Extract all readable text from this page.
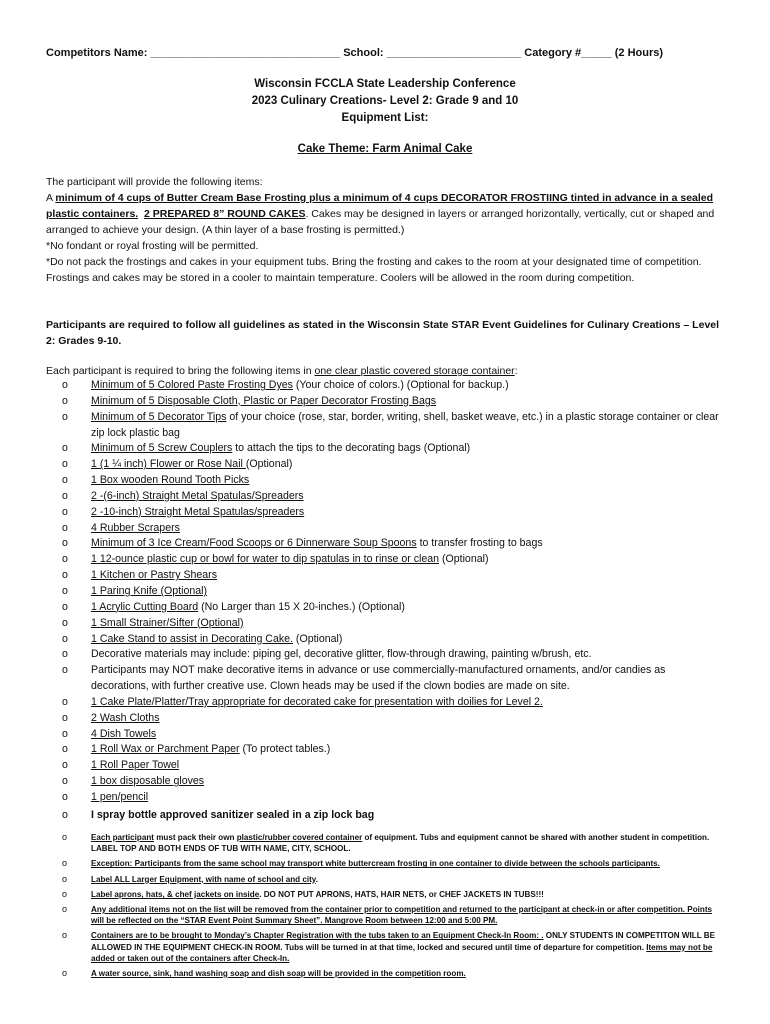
Competitors Name: _______________________________ School: ______________________ Category #_____ (2 Hours)
Wisconsin FCCLA State Leadership Conference
2023 Culinary Creations- Level 2: Grade 9 and 10
Equipment List:
Cake Theme: Farm Animal Cake
The participant will provide the following items:
A minimum of 4 cups of Butter Cream Base Frosting plus a minimum of 4 cups DECORATOR FROSTIING tinted in advance in a sealed plastic containers. 2 PREPARED 8” ROUND CAKES. Cakes may be designed in layers or arranged horizontally, vertically, cut or shaped and arranged to achieve your design. (A thin layer of a base frosting is permitted.)
*No fondant or royal frosting will be permitted.
*Do not pack the frostings and cakes in your equipment tubs. Bring the frosting and cakes to the room at your designated time of competition. Frostings and cakes may be stored in a cooler to maintain temperature. Coolers will be allowed in the room during competition.
Participants are required to follow all guidelines as stated in the Wisconsin State STAR Event Guidelines for Culinary Creations – Level 2: Grades 9-10.
Each participant is required to bring the following items in one clear plastic covered storage container:
o Minimum of 5 Colored Paste Frosting Dyes (Your choice of colors.) (Optional for backup.)
o Minimum of 5 Disposable Cloth, Plastic or Paper Decorator Frosting Bags
o Minimum of 5 Decorator Tips of your choice (rose, star, border, writing, shell, basket weave, etc.) in a plastic storage container or clear zip lock plastic bag
o Minimum of 5 Screw Couplers to attach the tips to the decorating bags (Optional)
o 1 (1 ¼ inch) Flower or Rose Nail (Optional)
o 1 Box wooden Round Tooth Picks
o 2 -(6-inch) Straight Metal Spatulas/Spreaders
o 2 -10-inch) Straight Metal Spatulas/spreaders
o 4 Rubber Scrapers
o Minimum of 3 Ice Cream/Food Scoops or 6 Dinnerware Soup Spoons to transfer frosting to bags
o 1 12-ounce plastic cup or bowl for water to dip spatulas in to rinse or clean (Optional)
o 1 Kitchen or Pastry Shears
o 1 Paring Knife (Optional)
o 1 Acrylic Cutting Board (No Larger than 15 X 20-inches.) (Optional)
o 1 Small Strainer/Sifter (Optional)
o 1 Cake Stand to assist in Decorating Cake. (Optional)
o Decorative materials may include: piping gel, decorative glitter, flow-through drawing, painting w/brush, etc.
o Participants may NOT make decorative items in advance or use commercially-manufactured ornaments, and/or candies as decorations, with further creative use. Clown heads may be used if the clown bodies are made on site.
o 1 Cake Plate/Platter/Tray appropriate for decorated cake for presentation with doilies for Level 2.
o 2 Wash Cloths
o 4 Dish Towels
o 1 Roll Wax or Parchment Paper (To protect tables.)
o 1 Roll Paper Towel
o 1 box disposable gloves
o 1 pen/pencil
o I spray bottle approved sanitizer sealed in a zip lock bag
o	Each participant must pack their own plastic/rubber covered container of equipment. Tubs and equipment cannot be shared with another student in competition. LABEL TOP AND BOTH ENDS OF TUB WITH NAME, CITY, SCHOOL.
o	Exception: Participants from the same school may transport white buttercream frosting in one container to divide between the schools participants.
o	Label ALL Larger Equipment, with name of school and city.
o	Label aprons, hats, & chef jackets on inside. DO NOT PUT APRONS, HATS, HAIR NETS, or CHEF JACKETS IN TUBS!!!
o	Any additional items not on the list will be removed from the container prior to competition and returned to the participant at check-in or after competition. Points will be reflected on the “STAR Event Point Summary Sheet”. Mangrove Room between 12:00 and 5:00 PM.
o	Containers are to be brought to Monday’s Chapter Registration with the tubs taken to an Equipment Check-In Room: . ONLY STUDENTS IN COMPETITON WILL BE ALLOWED IN THE EQUIPMENT CHECK-IN ROOM. Tubs will be turned in at that time, locked and secured until time of departure for competition. Items may not be added or taken out of the containers after Check-In.
o	A water source, sink, hand washing soap and dish soap will be provided in the competition room.
